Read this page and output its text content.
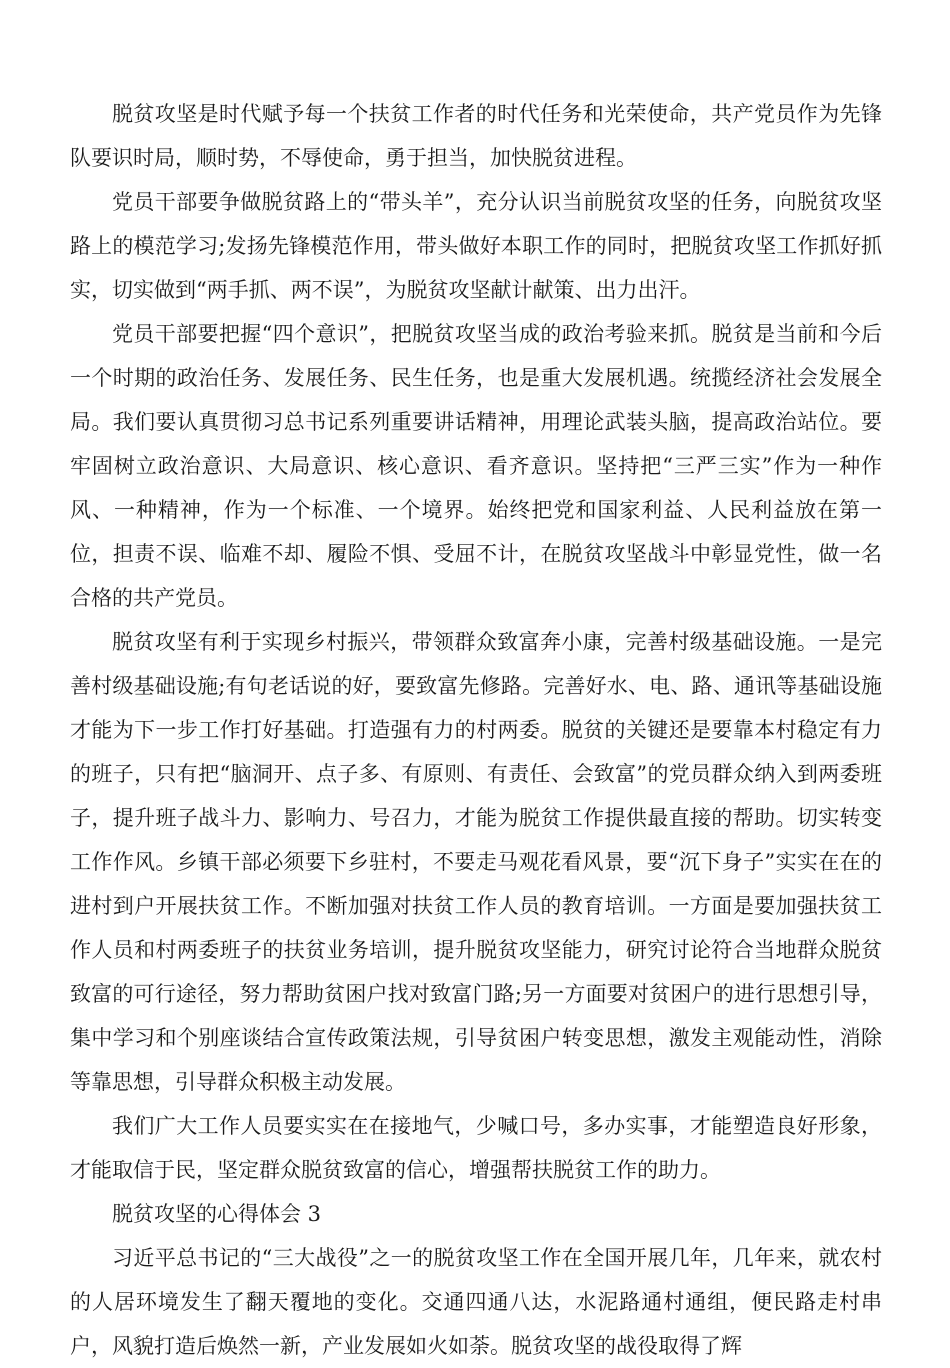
脱贫攻坚是时代赋予每一个扶贫工作者的时代任务和光荣使命，共产党员作为先锋队要识时局，顺时势，不辱使命，勇于担当，加快脱贫进程。

党员干部要争做脱贫路上的“带头羊”，充分认识当前脱贫攻坚的任务，向脱贫攻坚路上的模范学习;发扬先锋模范作用，带头做好本职工作的同时，把脱贫攻坚工作抓好抓实，切实做到“两手抓、两不误”，为脱贫攻坚献计献策、出力出汗。

党员干部要把握“四个意识”，把脱贫攻坚当成的政治考验来抓。脱贫是当前和今后一个时期的政治任务、发展任务、民生任务，也是重大发展机遇。统揽经济社会发展全局。我们要认真贯彻习总书记系列重要讲话精神，用理论武装头脑，提高政治站位。要牢固树立政治意识、大局意识、核心意识、看齐意识。坚持把“三严三实”作为一种作风、一种精神，作为一个标准、一个境界。始终把党和国家利益、人民利益放在第一位，担责不误、临难不却、履险不惧、受屈不计，在脱贫攻坚战斗中彰显党性，做一名合格的共产党员。

脱贫攻坚有利于实现乡村振兴，带领群众致富奔小康，完善村级基础设施。一是完善村级基础设施;有句老话说的好，要致富先修路。完善好水、电、路、通讯等基础设施才能为下一步工作打好基础。打造强有力的村两委。脱贫的关键还是要靠本村稳定有力的班子，只有把“脑洞开、点子多、有原则、有责任、会致富”的党员群众纳入到两委班子，提升班子战斗力、影响力、号召力，才能为脱贫工作提供最直接的帮助。切实转变工作作风。乡镇干部必须要下乡驻村，不要走马观花看风景，要“沉下身子”实实在在的进村到户开展扶贫工作。不断加强对扶贫工作人员的教育培训。一方面是要加强扶贫工作人员和村两委班子的扶贫业务培训，提升脱贫攻坚能力，研究讨论符合当地群众脱贫致富的可行途径，努力帮助贫困户找对致富门路;另一方面要对贫困户的进行思想引导，集中学习和个别座谈结合宣传政策法规，引导贫困户转变思想，激发主观能动性，消除等靠思想，引导群众积极主动发展。

我们广大工作人员要实实在在接地气，少喊口号，多办实事，才能塑造良好形象，才能取信于民，坚定群众脱贫致富的信心，增强帮扶脱贫工作的助力。

脱贫攻坚的心得体会 3

习近平总书记的“三大战役”之一的脱贫攻坚工作在全国开展几年，几年来，就农村的人居环境发生了翻天覆地的变化。交通四通八达，水泥路通村通组，便民路走村串户，风貌打造后焕然一新，产业发展如火如荼。脱贫攻坚的战役取得了辉
